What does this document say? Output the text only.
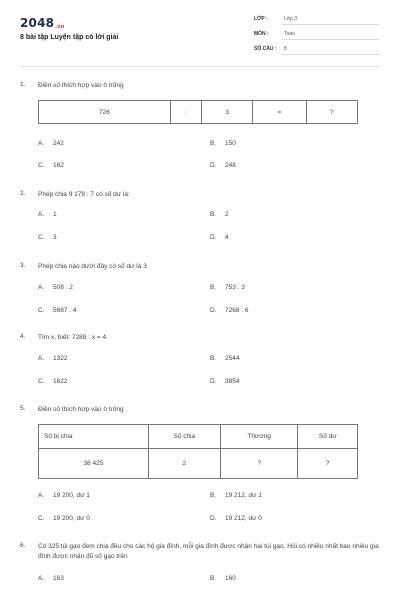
2048.vn
8 bài tập Luyện tập có lời giải
LỚP :	Lớp 3
MÔN :	Toán
SỐ CÂU : 8
1. Điền số thích hợp vào ô trống
726	:	3	=	?
A. 242	B. 150
C. 162	D. 248
2. Phép chia 9 178 : 7 có số dư là:
A. 1	B. 2
C. 3	D. 4
3. Phép chia nào dưới đây có số dư là 3
A. 508 : 2	B. 753 : 3
C. 5687 : 4	D. 7268 : 6
4. Tìm x, biết: 7288 : x = 4
A. 1322	B. 2544
C. 1822	D. 3854
5. Điền số thích hợp vào ô trống
Số bị chia	Số chia	Thương	Số dư
38 425	2	?	?
A. 19 200, dư 1	B. 19 212, dư 1
C. 19 200, dư 0	D. 19 212, dư 0
6. Có 325 túi gạo đem chia đều cho các hộ gia đình, mỗi gia đình được nhận hai túi gạo. Hỏi có nhiều nhất bao nhiêu gia đình được nhận đủ số gạo trên
A. 163	B. 160
